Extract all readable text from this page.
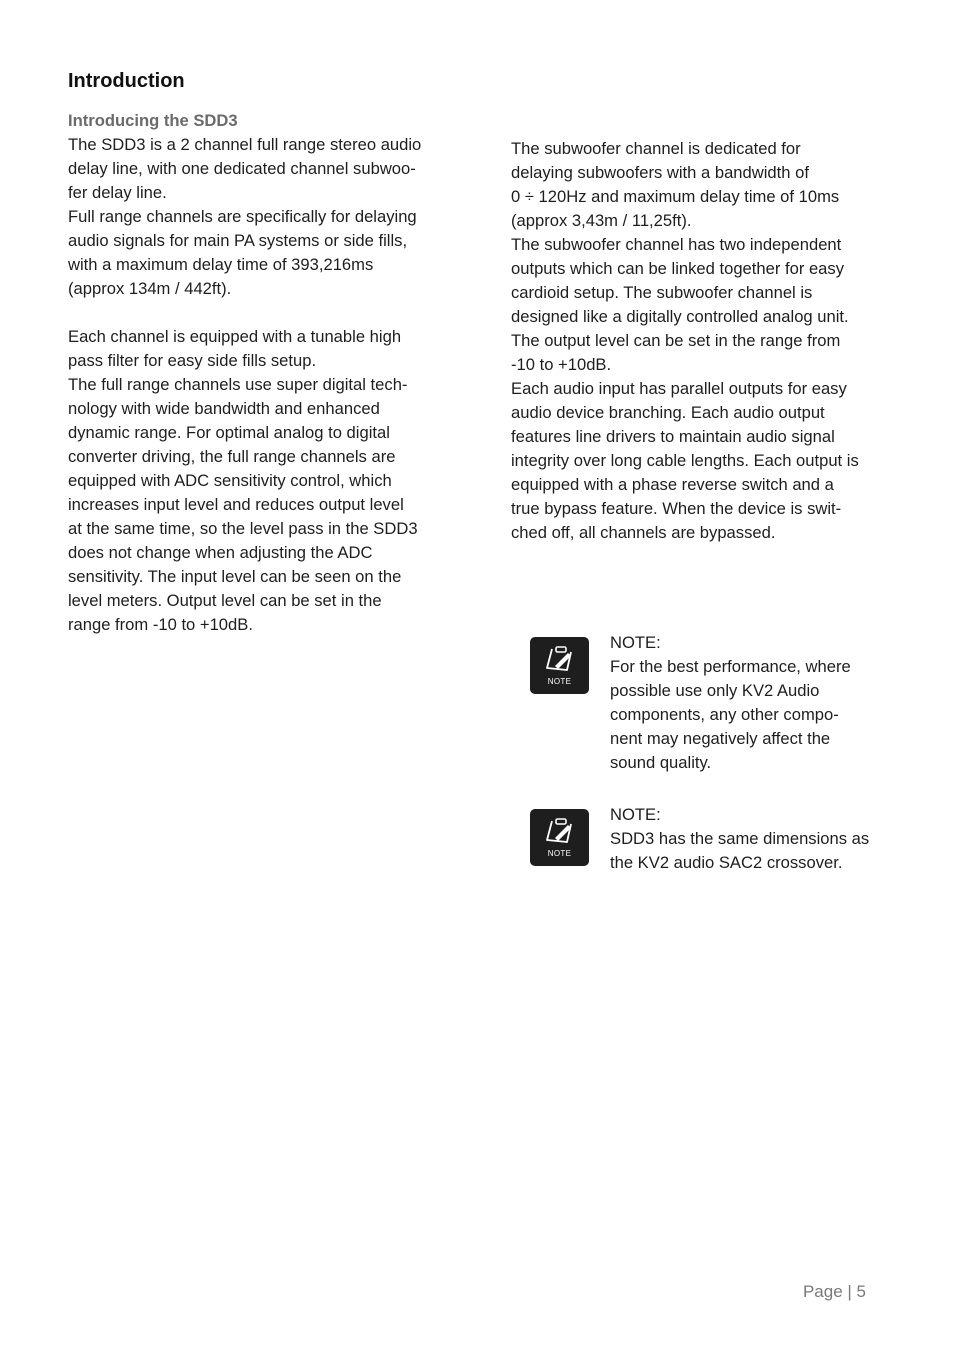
Introduction
Introducing the SDD3

The SDD3 is a 2 channel full range stereo audio
delay line, with one dedicated channel subwoo-
fer delay line.
Full range channels are specifically for delaying
audio signals for main PA systems or side fills,
with a maximum delay time of 393,216ms
(approx 134m / 442ft).

Each channel is equipped with a tunable high
pass filter for easy side fills setup.
The full range channels use super digital tech-
nology with wide bandwidth and enhanced
dynamic range. For optimal analog to digital
converter driving, the full range channels are
equipped with ADC sensitivity control, which
increases input level and reduces output level
at the same time, so the level pass in the SDD3
does not change when adjusting the ADC
sensitivity. The input level can be seen on the
level meters. Output level can be set in the
range from -10 to +10dB.

The subwoofer channel is dedicated for
delaying subwoofers with a bandwidth of
0 ÷ 120Hz and maximum delay time of 10ms
(approx 3,43m / 11,25ft).
The subwoofer channel has two independent
outputs which can be linked together for easy
cardioid setup. The subwoofer channel is
designed like a digitally controlled analog unit.
The output level can be set in the range from
-10 to +10dB.
Each audio input has parallel outputs for easy
audio device branching. Each audio output
features line drivers to maintain audio signal
integrity over long cable lengths. Each output is
equipped with a phase reverse switch and a
true bypass feature. When the device is swit-
ched off, all channels are bypassed.

NOTE
NOTE:

For the best performance, where
possible use only KV2 Audio
components, any other compo-
nent may negatively affect the
sound quality.

NOTE
NOTE:

SDD3 has the same dimensions as
the KV2 audio SAC2 crossover.

Page | 5
